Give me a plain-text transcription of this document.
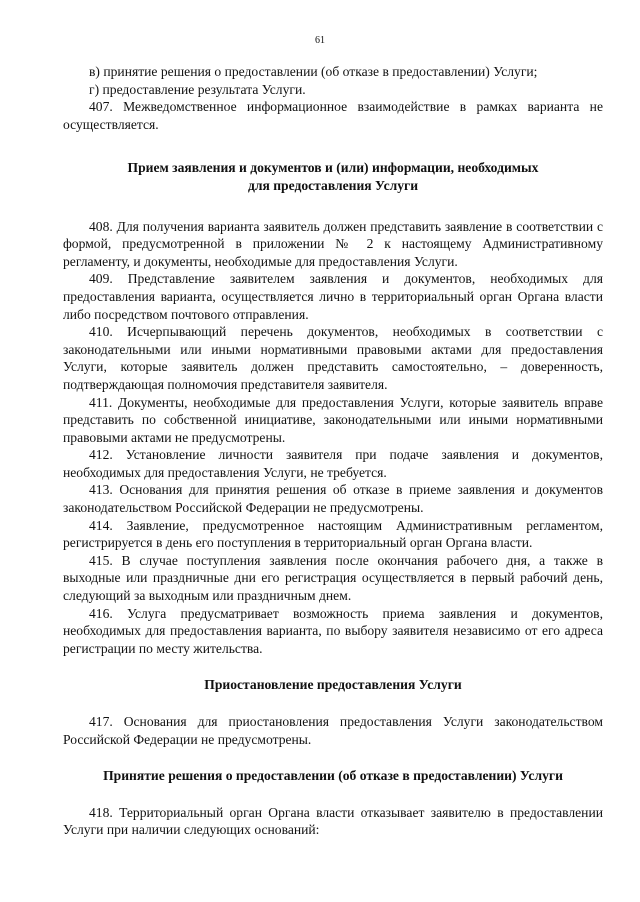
61

в) принятие решения о предоставлении (об отказе в предоставлении) Услуги;

г) предоставление результата Услуги.

407. Межведомственное информационное взаимодействие в рамках варианта не осуществляется.

Прием заявления и документов и (или) информации, необходимых

для предоставления Услуги

408. Для получения варианта заявитель должен представить заявление в соответствии с формой, предусмотренной в приложении № 2 к настоящему Административному регламенту, и документы, необходимые для предоставления Услуги.

409. Представление заявителем заявления и документов, необходимых для предоставления варианта, осуществляется лично в территориальный орган Органа власти либо посредством почтового отправления.

410. Исчерпывающий перечень документов, необходимых в соответствии с законодательными или иными нормативными правовыми актами для предоставления Услуги, которые заявитель должен представить самостоятельно, – доверенность, подтверждающая полномочия представителя заявителя.

411. Документы, необходимые для предоставления Услуги, которые заявитель вправе представить по собственной инициативе, законодательными или иными нормативными правовыми актами не предусмотрены.

412. Установление личности заявителя при подаче заявления и документов, необходимых для предоставления Услуги, не требуется.

413. Основания для принятия решения об отказе в приеме заявления и документов законодательством Российской Федерации не предусмотрены.

414. Заявление, предусмотренное настоящим Административным регламентом, регистрируется в день его поступления в территориальный орган Органа власти.

415. В случае поступления заявления после окончания рабочего дня, а также в выходные или праздничные дни его регистрация осуществляется в первый рабочий день, следующий за выходным или праздничным днем.

416. Услуга предусматривает возможность приема заявления и документов, необходимых для предоставления варианта, по выбору заявителя независимо от его адреса регистрации по месту жительства.

Приостановление предоставления Услуги

417. Основания для приостановления предоставления Услуги законодательством Российской Федерации не предусмотрены.

Принятие решения о предоставлении (об отказе в предоставлении) Услуги

418. Территориальный орган Органа власти отказывает заявителю в предоставлении Услуги при наличии следующих оснований:
